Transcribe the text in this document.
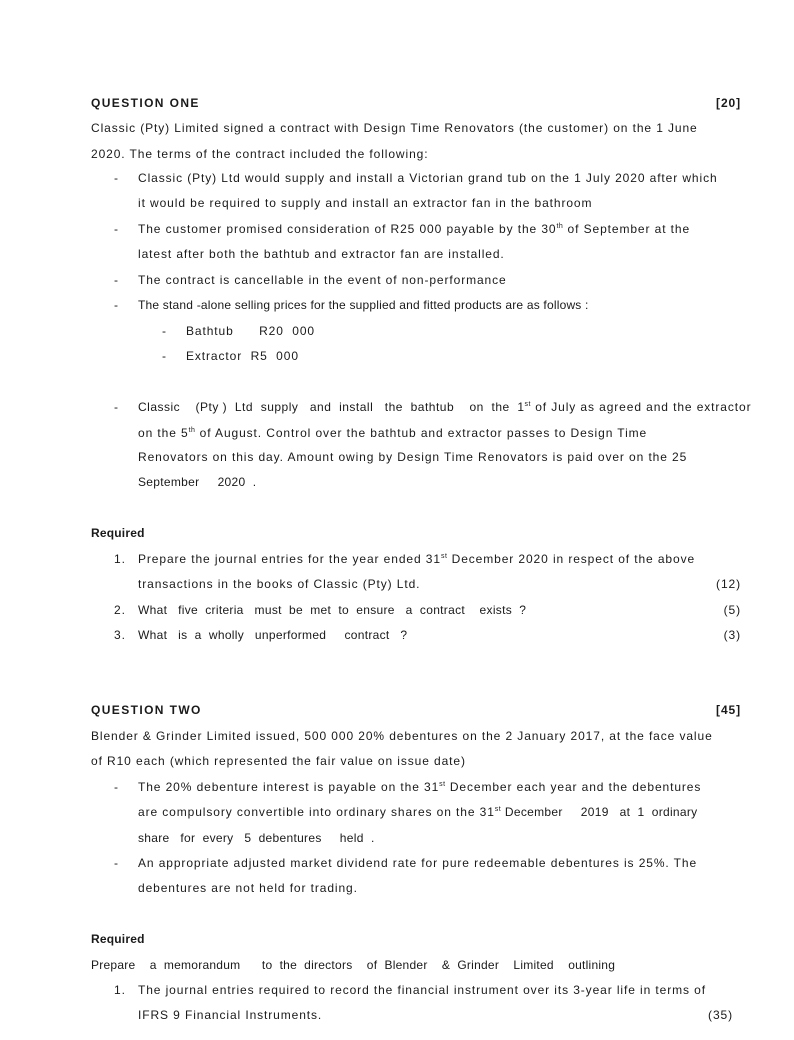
QUESTION ONE	[20]
Classic (Pty) Limited signed a contract with Design Time Renovators (the customer) on the 1 June
2020. The terms of the contract included the following:
- Classic (Pty) Ltd would supply and install a Victorian grand tub on the 1 July 2020 after which
it would be required to supply and install an extractor fan in the bathroom
- The customer promised consideration of R25 000 payable by the 30th of September at the
latest after both the bathtub and extractor fan are installed.
- The contract is cancellable in the event of non-performance
- The stand -alone selling prices for the supplied and fitted products are as follows :
- Bathtub      R20  000
- Extractor  R5  000
- Classic    (Pty )  Ltd  supply   and  install   the  bathtub    on  the  1st of July as agreed and the extractor
on the 5th of August. Control over the bathtub and extractor passes to Design Time
Renovators on this day. Amount owing by Design Time Renovators is paid over on the 25
September     2020  .
Required
1. Prepare the journal entries for the year ended 31st December 2020 in respect of the above
transactions in the books of Classic (Pty) Ltd.	(12)
2. What   five  criteria   must  be  met  to  ensure   a  contract    exists  ?	(5)
3. What   is  a  wholly   unperformed     contract   ?	(3)
QUESTION TWO	[45]
Blender & Grinder Limited issued, 500 000 20% debentures on the 2 January 2017, at the face value
of R10 each (which represented the fair value on issue date)
- The 20% debenture interest is payable on the 31st December each year and the debentures
are compulsory convertible into ordinary shares on the 31st December     2019   at  1  ordinary
share   for  every   5  debentures     held  .
- An appropriate adjusted market dividend rate for pure redeemable debentures is 25%. The
debentures are not held for trading.
Required
Prepare    a  memorandum      to  the  directors    of  Blender    &  Grinder    Limited    outlining
1. The journal entries required to record the financial instrument over its 3-year life in terms of
IFRS 9 Financial Instruments.	(35)
